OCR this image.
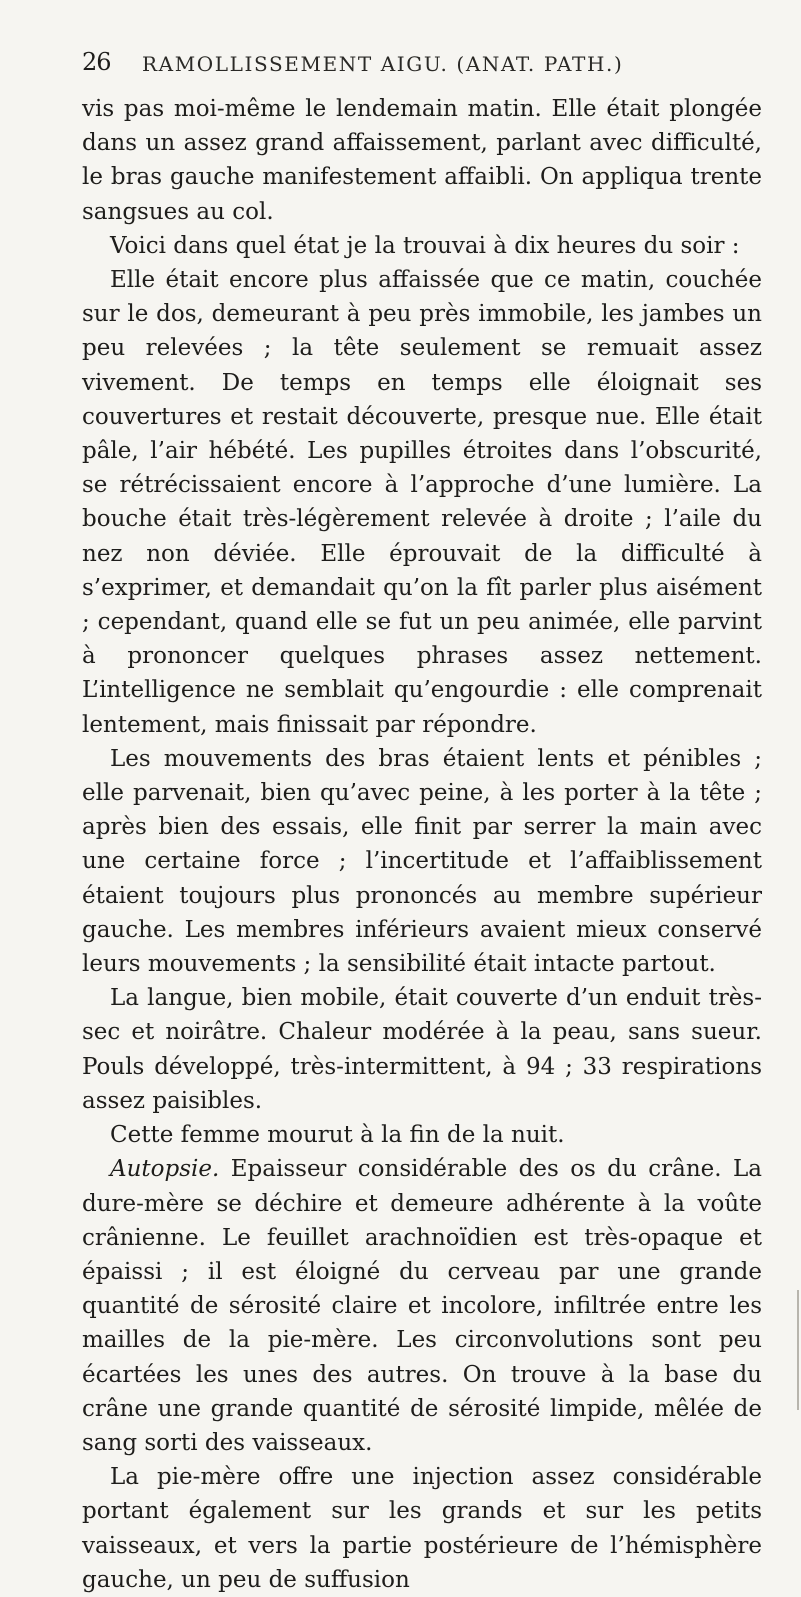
26 RAMOLLISSEMENT AIGU. (ANAT. PATH.)

vis pas moi-même le lendemain matin. Elle était plongée dans un assez grand affaissement, parlant avec difficulté, le bras gauche manifestement affaibli. On appliqua trente sangsues au col.

Voici dans quel état je la trouvai à dix heures du soir :

Elle était encore plus affaissée que ce matin, couchée sur le dos, demeurant à peu près immobile, les jambes un peu relevées ; la tête seulement se remuait assez vivement. De temps en temps elle éloignait ses couvertures et restait découverte, presque nue. Elle était pâle, l’air hébété. Les pupilles étroites dans l’obscurité, se rétrécissaient encore à l’approche d’une lumière. La bouche était très-légèrement relevée à droite ; l’aile du nez non déviée. Elle éprouvait de la difficulté à s’exprimer, et demandait qu’on la fît parler plus aisément ; cependant, quand elle se fut un peu animée, elle parvint à prononcer quelques phrases assez nettement. L’intelligence ne semblait qu’engourdie : elle comprenait lentement, mais finissait par répondre.

Les mouvements des bras étaient lents et pénibles ; elle parvenait, bien qu’avec peine, à les porter à la tête ; après bien des essais, elle finit par serrer la main avec une certaine force ; l’incertitude et l’affaiblissement étaient toujours plus prononcés au membre supérieur gauche. Les membres inférieurs avaient mieux conservé leurs mouvements ; la sensibilité était intacte partout.

La langue, bien mobile, était couverte d’un enduit très-sec et noirâtre. Chaleur modérée à la peau, sans sueur. Pouls développé, très-intermittent, à 94 ; 33 respirations assez paisibles.

Cette femme mourut à la fin de la nuit.

Autopsie. Epaisseur considérable des os du crâne. La dure-mère se déchire et demeure adhérente à la voûte crânienne. Le feuillet arachnoïdien est très-opaque et épaissi ; il est éloigné du cerveau par une grande quantité de sérosité claire et incolore, infiltrée entre les mailles de la pie-mère. Les circonvolutions sont peu écartées les unes des autres. On trouve à la base du crâne une grande quantité de sérosité limpide, mêlée de sang sorti des vaisseaux.

La pie-mère offre une injection assez considérable portant également sur les grands et sur les petits vaisseaux, et vers la partie postérieure de l’hémisphère gauche, un peu de suffusion
